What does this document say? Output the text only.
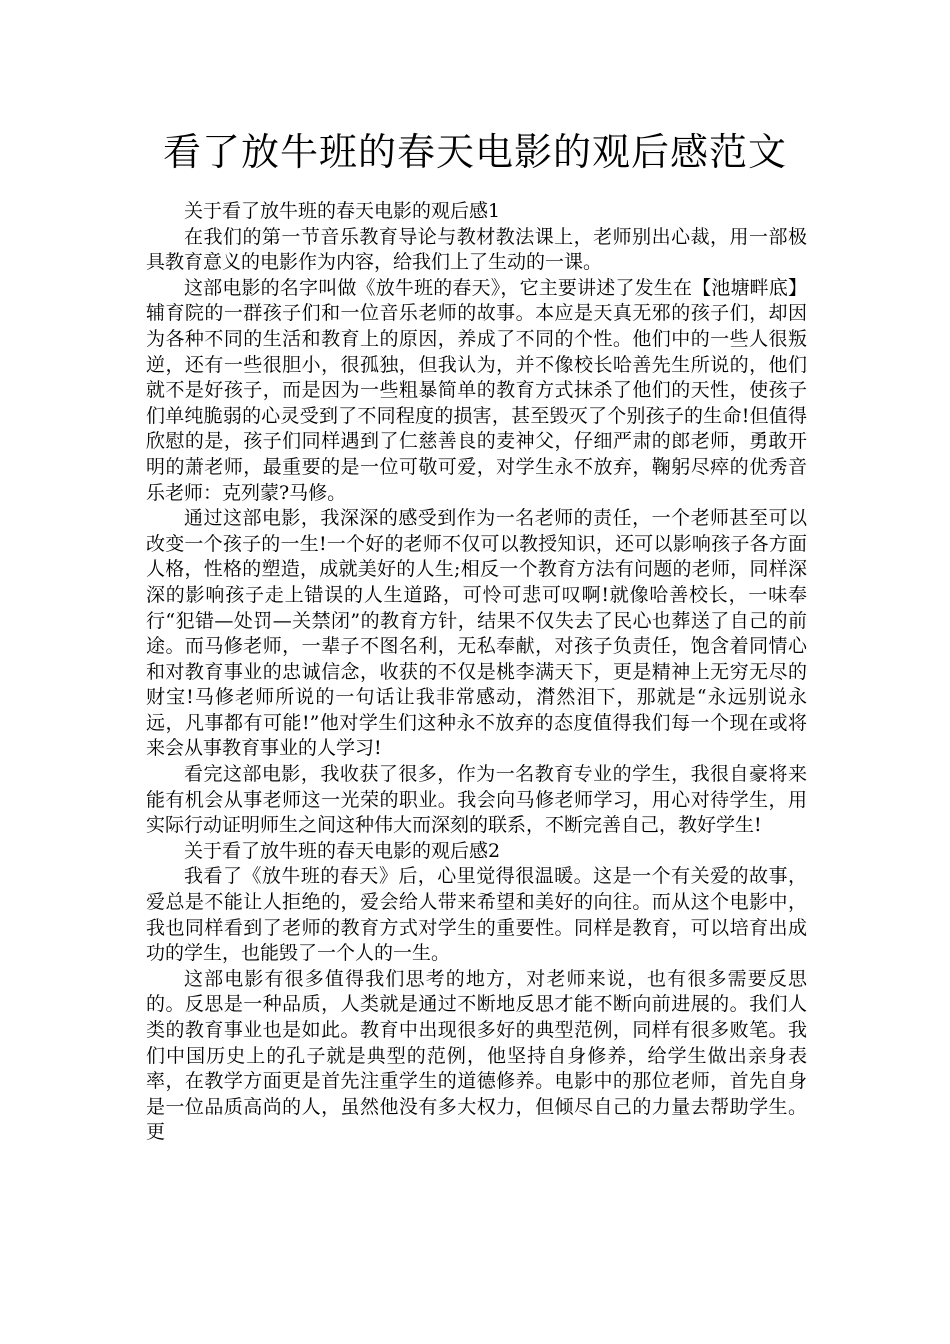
看了放牛班的春天电影的观后感范文

关于看了放牛班的春天电影的观后感1

在我们的第一节音乐教育导论与教材教法课上，老师别出心裁，用一部极具教育意义的电影作为内容，给我们上了生动的一课。

这部电影的名字叫做《放牛班的春天》，它主要讲述了发生在【池塘畔底】辅育院的一群孩子们和一位音乐老师的故事。本应是天真无邪的孩子们，却因为各种不同的生活和教育上的原因，养成了不同的个性。他们中的一些人很叛逆，还有一些很胆小，很孤独，但我认为，并不像校长哈善先生所说的，他们就不是好孩子，而是因为一些粗暴简单的教育方式抹杀了他们的天性，使孩子们单纯脆弱的心灵受到了不同程度的损害，甚至毁灭了个别孩子的生命!但值得欣慰的是，孩子们同样遇到了仁慈善良的麦神父，仔细严肃的郎老师，勇敢开明的萧老师，最重要的是一位可敬可爱，对学生永不放弃，鞠躬尽瘁的优秀音乐老师：克列蒙?马修。

通过这部电影，我深深的感受到作为一名老师的责任，一个老师甚至可以改变一个孩子的一生!一个好的老师不仅可以教授知识，还可以影响孩子各方面人格，性格的塑造，成就美好的人生;相反一个教育方法有问题的老师，同样深深的影响孩子走上错误的人生道路，可怜可悲可叹啊!就像哈善校长，一味奉行“犯错—处罚—关禁闭”的教育方针，结果不仅失去了民心也葬送了自己的前途。而马修老师，一辈子不图名利，无私奉献，对孩子负责任，饱含着同情心和对教育事业的忠诚信念，收获的不仅是桃李满天下，更是精神上无穷无尽的财宝!马修老师所说的一句话让我非常感动，潸然泪下，那就是“永远别说永远，凡事都有可能!”他对学生们这种永不放弃的态度值得我们每一个现在或将来会从事教育事业的人学习!

看完这部电影，我收获了很多，作为一名教育专业的学生，我很自豪将来能有机会从事老师这一光荣的职业。我会向马修老师学习，用心对待学生，用实际行动证明师生之间这种伟大而深刻的联系，不断完善自己，教好学生!

关于看了放牛班的春天电影的观后感2

我看了《放牛班的春天》后，心里觉得很温暖。这是一个有关爱的故事，爱总是不能让人拒绝的，爱会给人带来希望和美好的向往。而从这个电影中，我也同样看到了老师的教育方式对学生的重要性。同样是教育，可以培育出成功的学生，也能毁了一个人的一生。

这部电影有很多值得我们思考的地方，对老师来说，也有很多需要反思的。反思是一种品质，人类就是通过不断地反思才能不断向前进展的。我们人类的教育事业也是如此。教育中出现很多好的典型范例，同样有很多败笔。我们中国历史上的孔子就是典型的范例，他坚持自身修养，给学生做出亲身表率，在教学方面更是首先注重学生的道德修养。电影中的那位老师，首先自身是一位品质高尚的人，虽然他没有多大权力，但倾尽自己的力量去帮助学生。更
